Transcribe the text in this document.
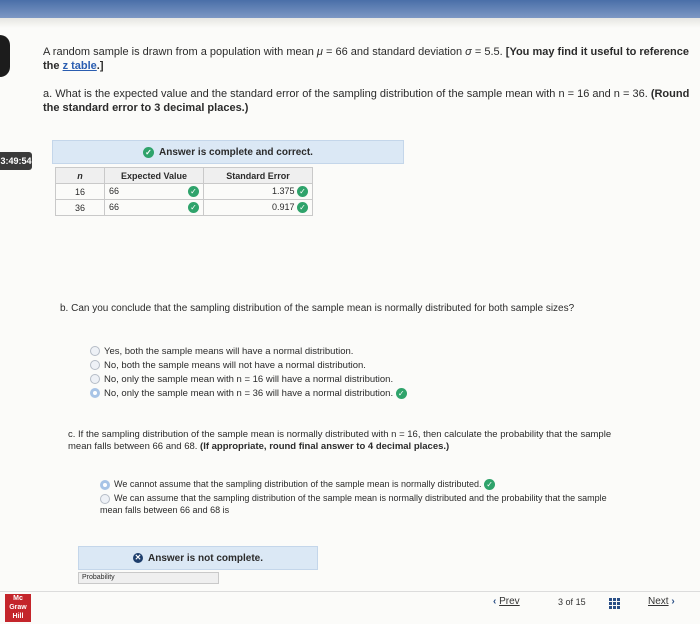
3:49:54
A random sample is drawn from a population with mean μ = 66 and standard deviation σ = 5.5. [You may find it useful to reference
the z table.]
a. What is the expected value and the standard error of the sampling distribution of the sample mean with n = 16 and n = 36. (Round the standard error to 3 decimal places.)
✓ Answer is complete and correct.
n	Expected Value	Standard Error
16	66 ✓	1.375 ✓
36	66 ✓	0.917 ✓
b. Can you conclude that the sampling distribution of the sample mean is normally distributed for both sample sizes?
Yes, both the sample means will have a normal distribution.
No, both the sample means will not have a normal distribution.
No, only the sample mean with n = 16 will have a normal distribution.
No, only the sample mean with n = 36 will have a normal distribution. ✓
c. If the sampling distribution of the sample mean is normally distributed with n = 16, then calculate the probability that the sample
mean falls between 66 and 68. (If appropriate, round final answer to 4 decimal places.)
We cannot assume that the sampling distribution of the sample mean is normally distributed. ✓
We can assume that the sampling distribution of the sample mean is normally distributed and the probability that the sample
mean falls between 66 and 68 is
✕ Answer is not complete.
Probability
Mc
Graw
Hill
‹ Prev	3 of 15	Next ›
